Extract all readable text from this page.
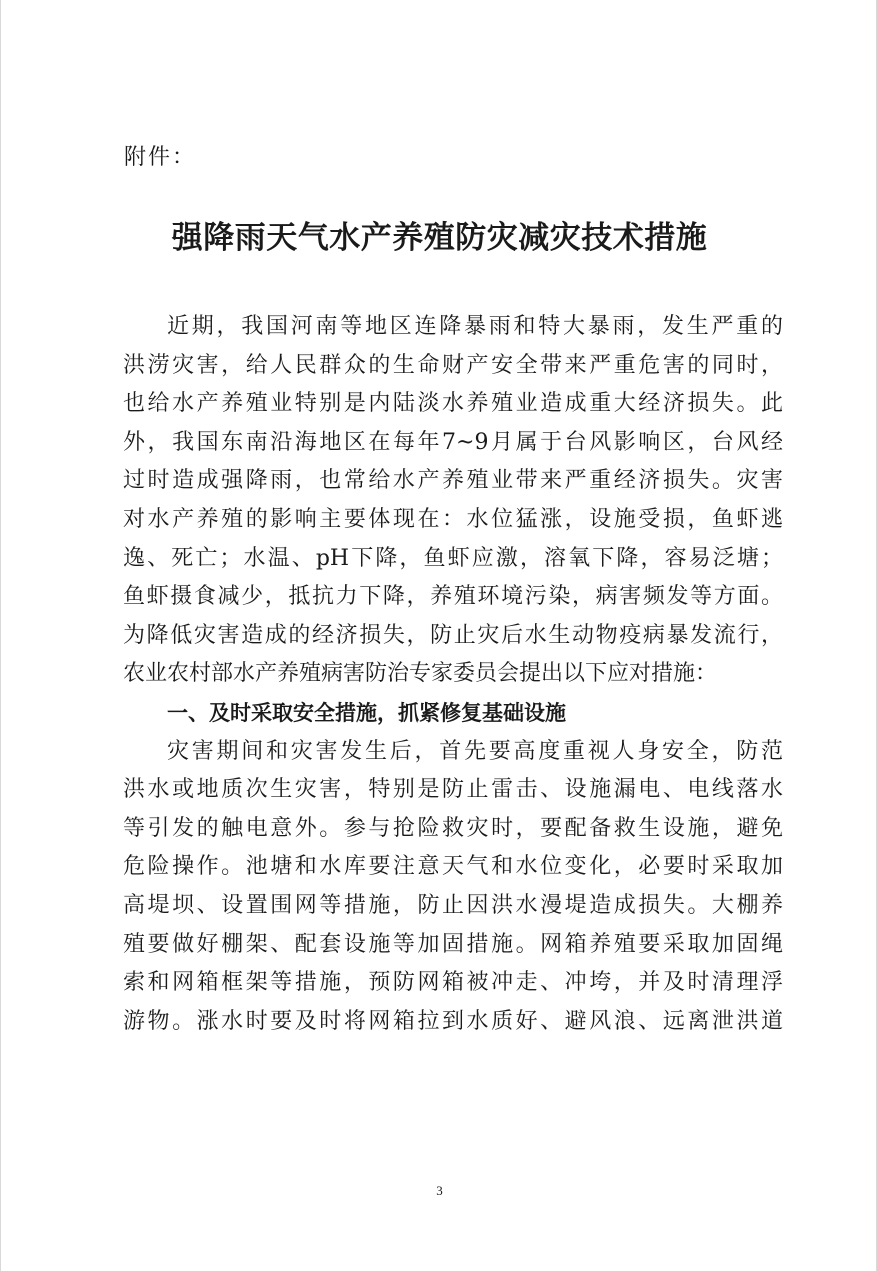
附件：
强降雨天气水产养殖防灾减灾技术措施
近期，我国河南等地区连降暴雨和特大暴雨，发生严重的
洪涝灾害，给人民群众的生命财产安全带来严重危害的同时，
也给水产养殖业特别是内陆淡水养殖业造成重大经济损失。此
外，我国东南沿海地区在每年7~9月属于台风影响区，台风经
过时造成强降雨，也常给水产养殖业带来严重经济损失。灾害
对水产养殖的影响主要体现在：水位猛涨，设施受损，鱼虾逃
逸、死亡；水温、pH下降，鱼虾应激，溶氧下降，容易泛塘；
鱼虾摄食减少，抵抗力下降，养殖环境污染，病害频发等方面。
为降低灾害造成的经济损失，防止灾后水生动物疫病暴发流行，
农业农村部水产养殖病害防治专家委员会提出以下应对措施：
一、及时采取安全措施，抓紧修复基础设施
灾害期间和灾害发生后，首先要高度重视人身安全，防范
洪水或地质次生灾害，特别是防止雷击、设施漏电、电线落水
等引发的触电意外。参与抢险救灾时，要配备救生设施，避免
危险操作。池塘和水库要注意天气和水位变化，必要时采取加
高堤坝、设置围网等措施，防止因洪水漫堤造成损失。大棚养
殖要做好棚架、配套设施等加固措施。网箱养殖要采取加固绳
索和网箱框架等措施，预防网箱被冲走、冲垮，并及时清理浮
游物。涨水时要及时将网箱拉到水质好、避风浪、远离泄洪道
3
